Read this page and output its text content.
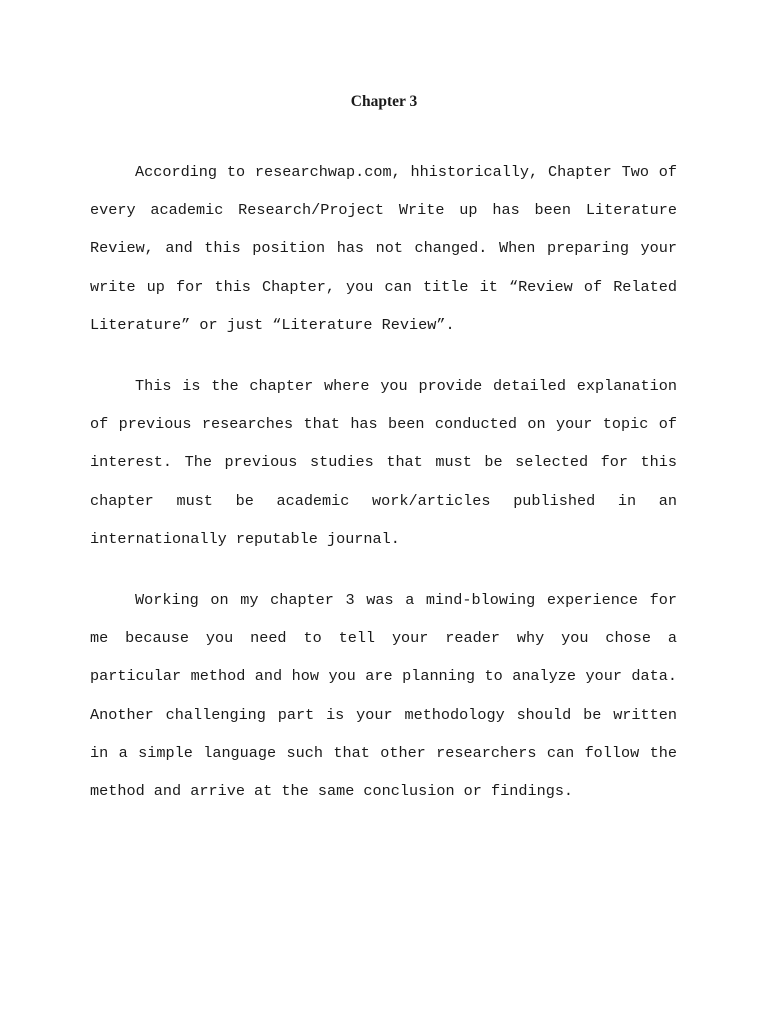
Chapter 3

According to researchwap.com, hhistorically, Chapter Two of every academic Research/Project Write up has been Literature Review, and this position has not changed. When preparing your write up for this Chapter, you can title it “Review of Related Literature” or just “Literature Review”.

This is the chapter where you provide detailed explanation of previous researches that has been conducted on your topic of interest. The previous studies that must be selected for this chapter must be academic work/articles published in an internationally reputable journal.

Working on my chapter 3 was a mind-blowing experience for me because you need to tell your reader why you chose a particular method and how you are planning to analyze your data. Another challenging part is your methodology should be written in a simple language such that other researchers can follow the method and arrive at the same conclusion or findings.
